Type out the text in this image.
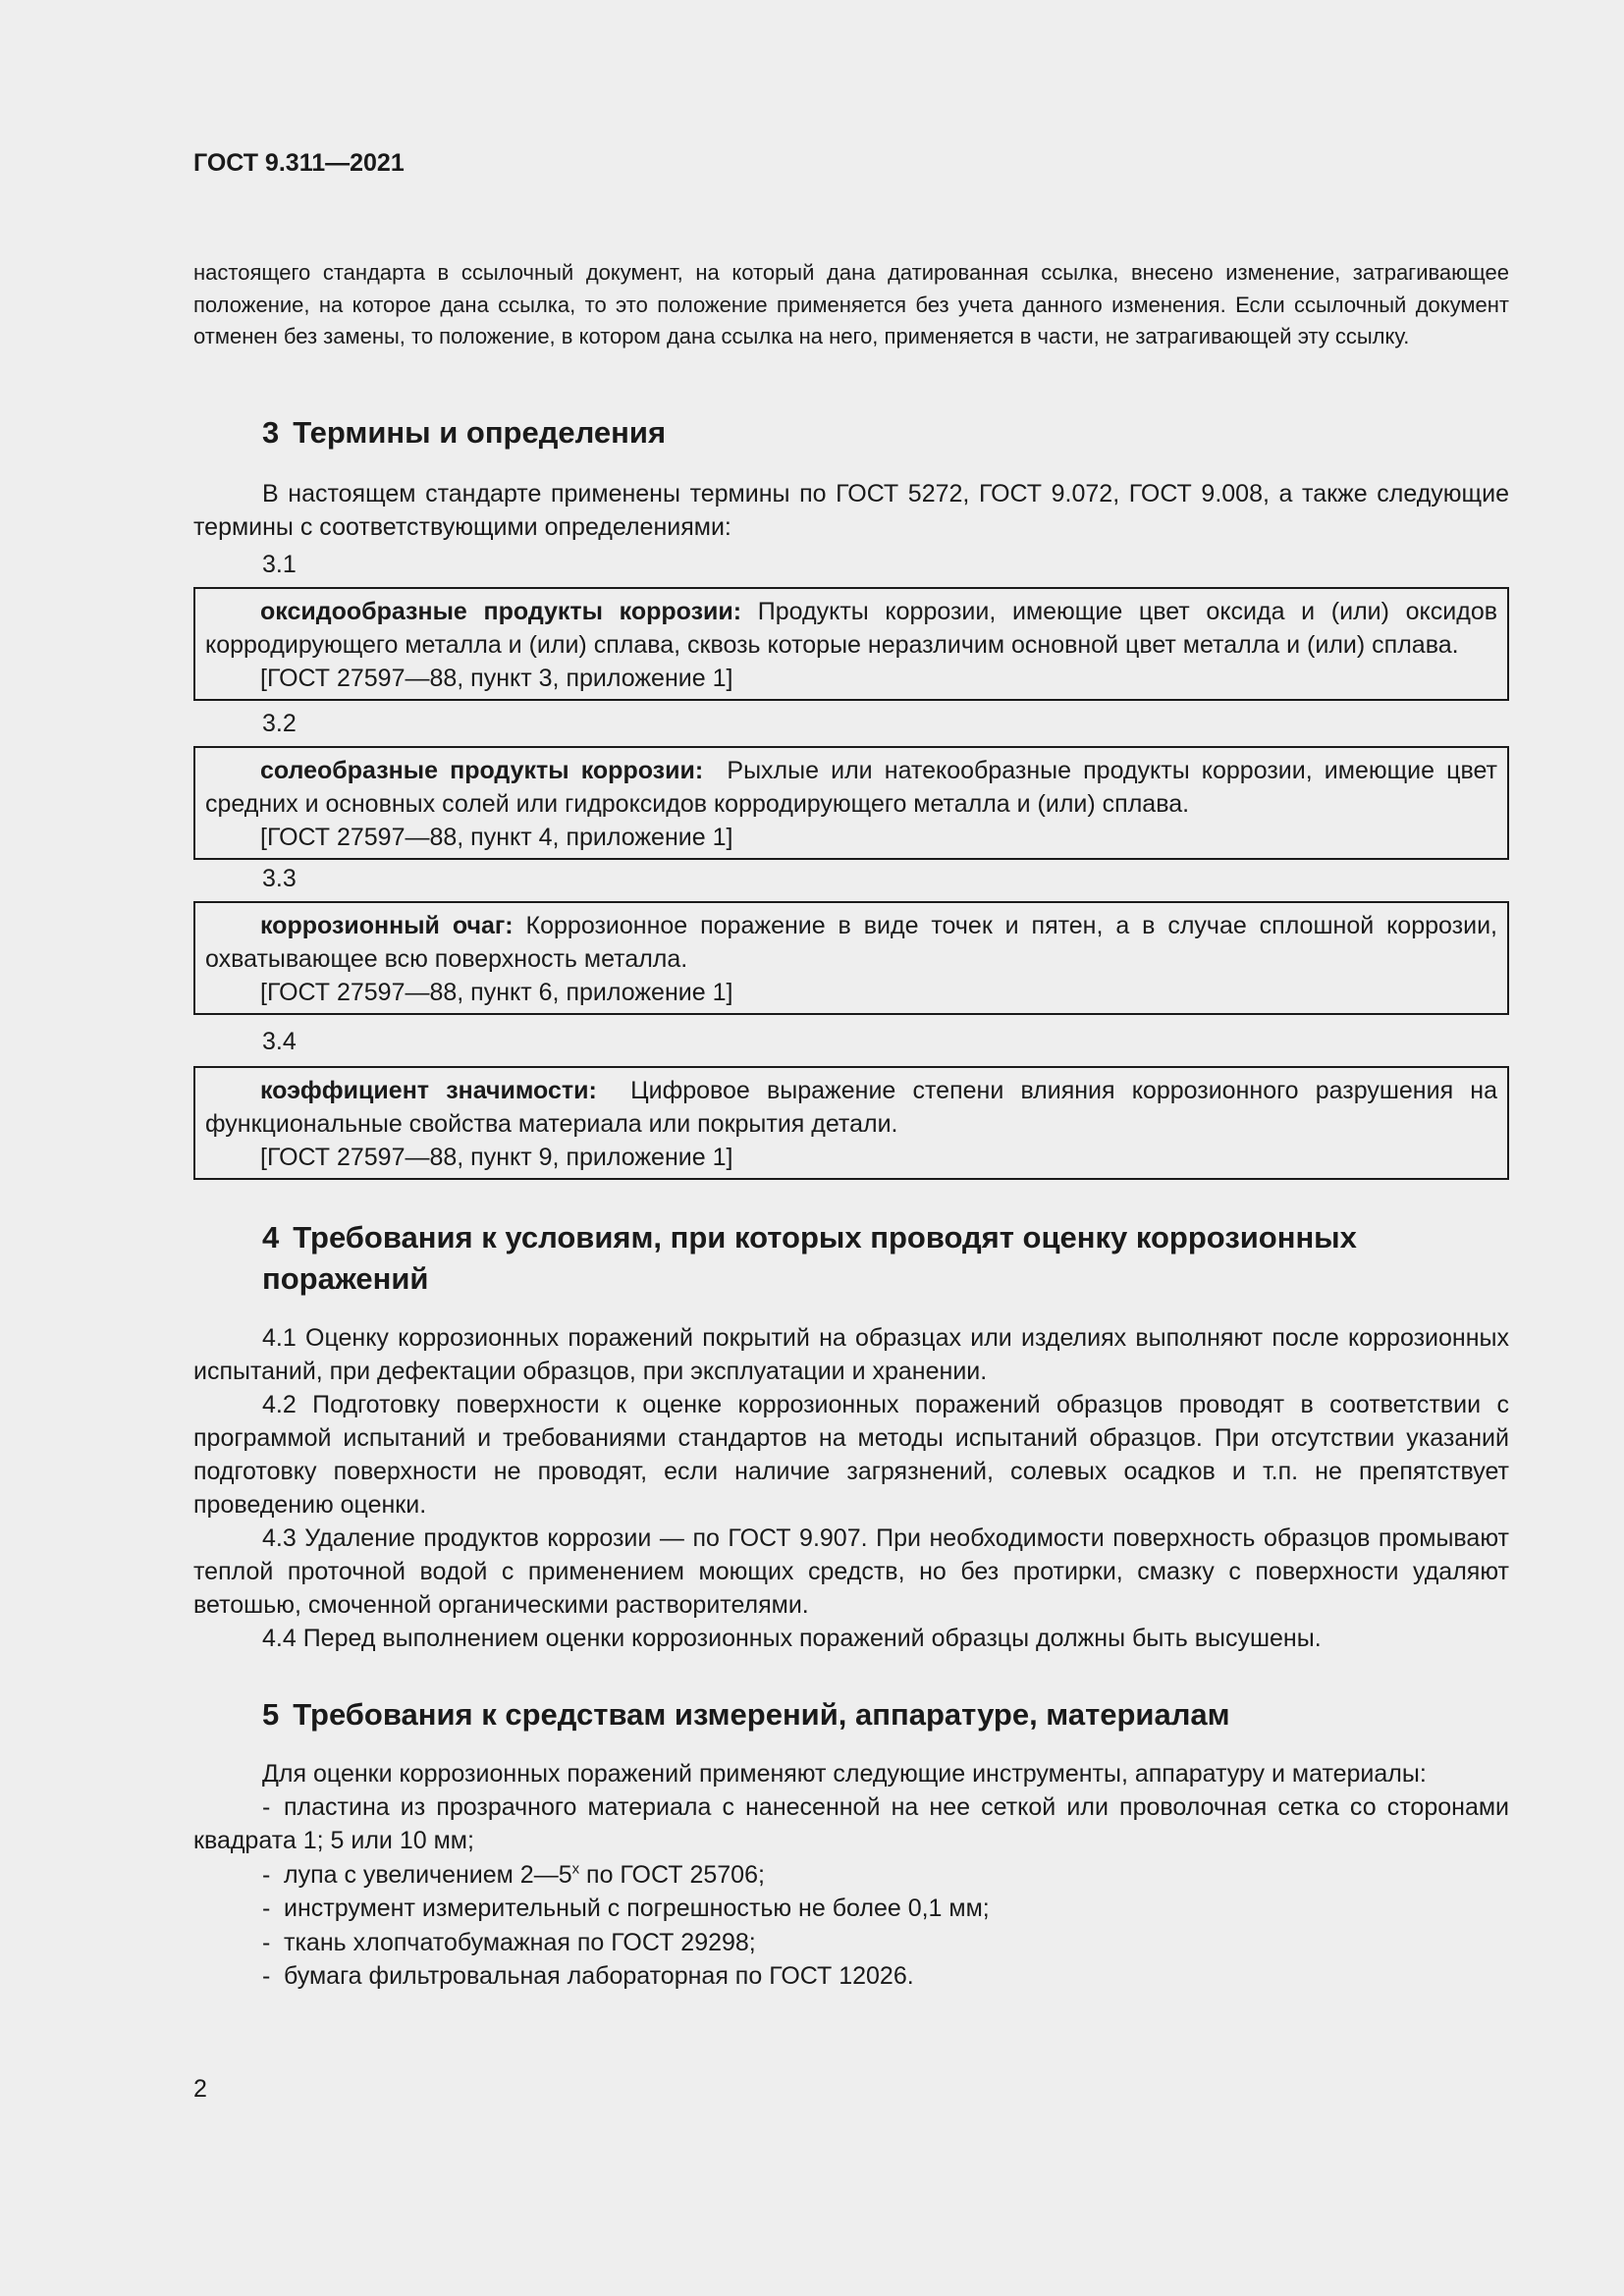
ГОСТ 9.311—2021

настоящего стандарта в ссылочный документ, на который дана датированная ссылка, внесено изменение, затрагивающее положение, на которое дана ссылка, то это положение применяется без учета данного изменения. Если ссылочный документ отменен без замены, то положение, в котором дана ссылка на него, применяется в части, не затрагивающей эту ссылку.

3 Термины и определения

В настоящем стандарте применены термины по ГОСТ 5272, ГОСТ 9.072, ГОСТ 9.008, а также следующие термины с соответствующими определениями:

3.1

оксидообразные продукты коррозии: Продукты коррозии, имеющие цвет оксида и (или) оксидов корродирующего металла и (или) сплава, сквозь которые неразличим основной цвет металла и (или) сплава.

[ГОСТ 27597—88, пункт 3, приложение 1]

3.2

солеобразные продукты коррозии: Рыхлые или натекообразные продукты коррозии, имеющие цвет средних и основных солей или гидроксидов корродирующего металла и (или) сплава.

[ГОСТ 27597—88, пункт 4, приложение 1]

3.3

коррозионный очаг: Коррозионное поражение в виде точек и пятен, а в случае сплошной коррозии, охватывающее всю поверхность металла.

[ГОСТ 27597—88, пункт 6, приложение 1]

3.4

коэффициент значимости: Цифровое выражение степени влияния коррозионного разрушения на функциональные свойства материала или покрытия детали.

[ГОСТ 27597—88, пункт 9, приложение 1]

4 Требования к условиям, при которых проводят оценку коррозионных
поражений

4.1 Оценку коррозионных поражений покрытий на образцах или изделиях выполняют после коррозионных испытаний, при дефектации образцов, при эксплуатации и хранении.

4.2 Подготовку поверхности к оценке коррозионных поражений образцов проводят в соответствии с программой испытаний и требованиями стандартов на методы испытаний образцов. При отсутствии указаний подготовку поверхности не проводят, если наличие загрязнений, солевых осадков и т.п. не препятствует проведению оценки.

4.3 Удаление продуктов коррозии — по ГОСТ 9.907. При необходимости поверхность образцов промывают теплой проточной водой с применением моющих средств, но без протирки, смазку с поверхности удаляют ветошью, смоченной органическими растворителями.

4.4 Перед выполнением оценки коррозионных поражений образцы должны быть высушены.

5 Требования к средствам измерений, аппаратуре, материалам

Для оценки коррозионных поражений применяют следующие инструменты, аппаратуру и материалы:

- пластина из прозрачного материала с нанесенной на нее сеткой или проволочная сетка со сторонами квадрата 1; 5 или 10 мм;

- лупа с увеличением 2—5$^x$ по ГОСТ 25706;

- инструмент измерительный с погрешностью не более 0,1 мм;

- ткань хлопчатобумажная по ГОСТ 29298;

- бумага фильтровальная лабораторная по ГОСТ 12026.

2
